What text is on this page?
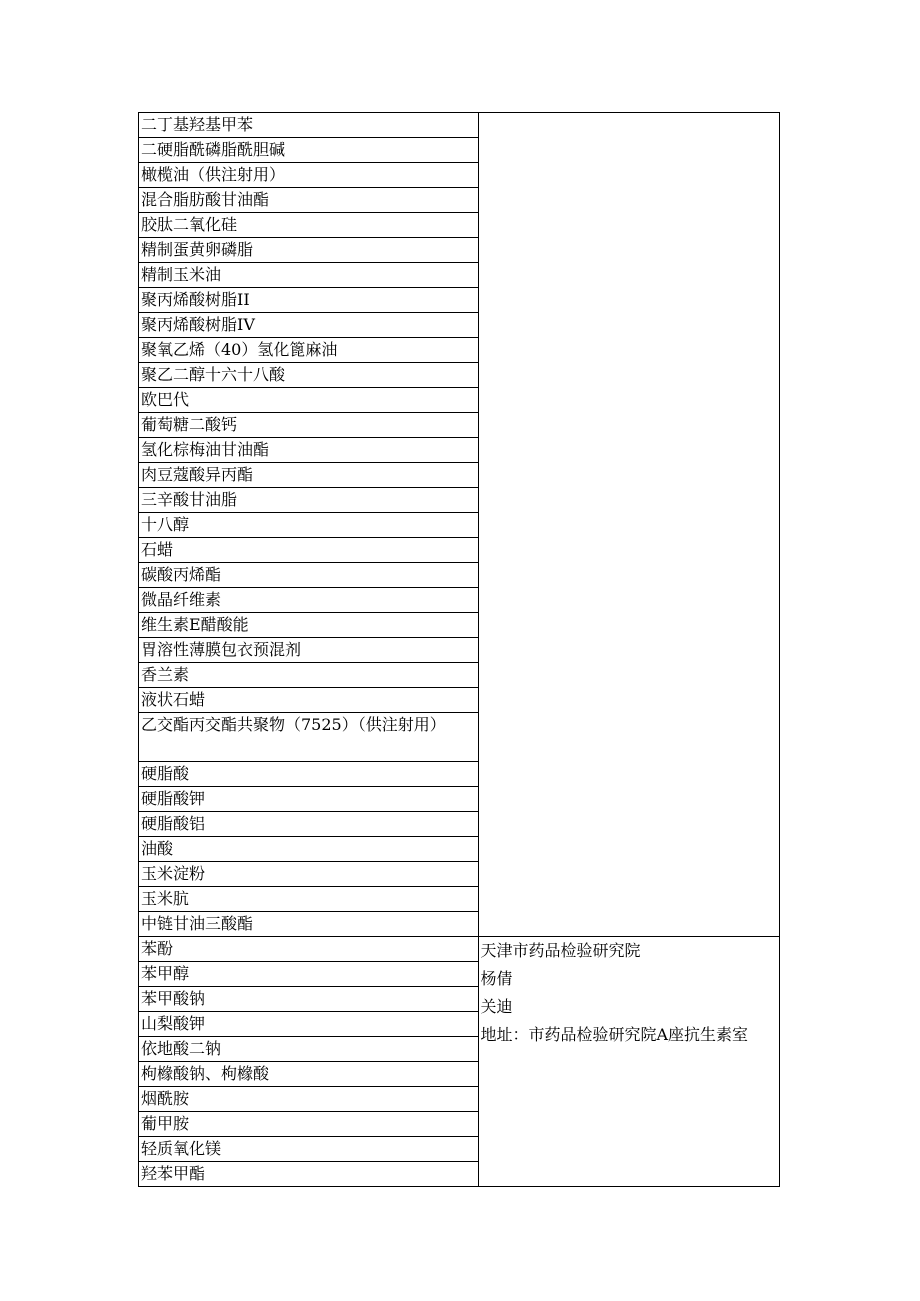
二丁基羟基甲苯	
二硬脂酰磷脂酰胆碱	
橄榄油（供注射用）	
混合脂肪酸甘油酯	
胶肽二氧化硅	
精制蛋黄卵磷脂	
精制玉米油	
聚丙烯酸树脂II	
聚丙烯酸树脂IV	
聚氧乙烯（40）氢化篦麻油	
聚乙二醇十六十八酸	
欧巴代	
葡萄糖二酸钙	
氢化棕梅油甘油酯	
肉豆蔻酸异丙酯	
三辛酸甘油脂	
十八醇	
石蜡	
碳酸丙烯酯	
微晶纤维素	
维生素E醋酸能	
胃溶性薄膜包衣预混剂	
香兰素	
液状石蜡	
乙交酯丙交酯共聚物（7525）（供注射用）	
硬脂酸	
硬脂酸钾	
硬脂酸铝	
油酸	
玉米淀粉	
玉米肮	
中链甘油三酸酯	
苯酚	天津市药品检验研究院
杨倩
关迪
地址：市药品检验研究院A座抗生素室

苯甲醇	
苯甲酸钠	
山梨酸钾	
依地酸二钠	
枸橼酸钠、枸橼酸	
烟酰胺	
葡甲胺	
轻质氧化镁	
羟苯甲酯	
